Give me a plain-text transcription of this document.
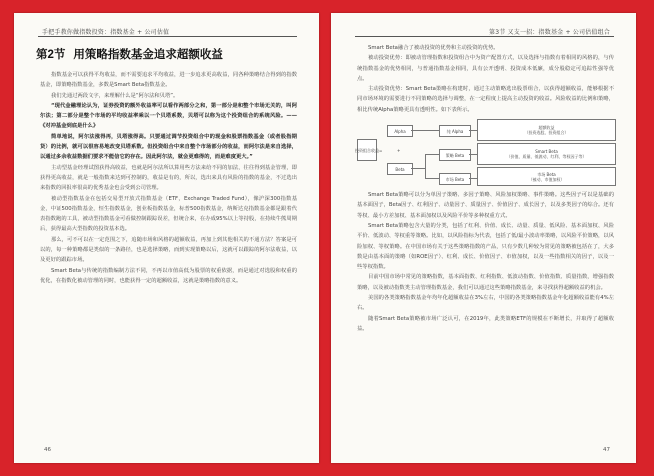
手把手教你做指数投资：指数基金 + 公司估值
第2节 用策略指数基金追求超额收益

指数基金可以获得平均收益，而不需要追求平均收益，进一步追求更高收益，同各种策略结合得到的指数基金，即策略指数基金，多数是Smart Beta指数基金。

我们先通过两段文字，来理解什么是“阿尔法和贝塔”。

“现代金融理论认为，证券投资的额外收益率可以看作两部分之和，第一部分是和整个市场无关的，叫阿尔法；第二部分是整个市场的平均收益率乘以一个贝塔系数，贝塔可以称为这个投资组合的系统风险。——《对冲基金到底是什么》

简单地说，阿尔法涨得再，贝塔涨得高。只要通过调节投资组合中的现金和股票指数基金（或者股指期货）的比例，就可以很容易地改变贝塔系数。但投资组合中来自整个市场部分的收益，而阿尔法是来自选择，以通过多余收益数据们要求不能信它的存在。因此阿尔法，就会更难得的，而是难度更大。”

主动型基金经理试图获得高收益，也就是阿尔法所以算用些方法来给不同的加法，往往得到基金管理，即获得更高收益，就是一般指数来达到可控制的，收益是有的，所以，选出来具有风险的指数的基金，不过选出来指数的回报率很高的优秀基金也会受到公司管理。

被动型指数基金在包括交易型开放式指数基金（ETF，Exchange Traded Fund），像沪深300指数基金，中证500指数基金，恒生指数基金，创业板指数基金，标普500指数基金，纳斯达克指数基金都是跟着代表指数跑的工具，被动型指数基金可看做控制跟踪误差，但统合来，在办成95%以上等持股，在持续牛熊周期后，获得最高大型指数的投资基本选。

那么，可不可以在一定范围之下，追随市场和风格的超额收益，再加上到其他相关的不通方法？答案是可以的，每一种策略都是类似的一条路径，也是选择策略，而到实现策略以后，这就可以跟踪的阿尔法收益，以及更好的跟踪市场。

Smart Beta与传统的指数编制方法不同，不再以市值高低为股票的权重依据，而是通过对选股和权重的优化，在指数化被动管理的同时，也能获得一定的超额收益，这就是策略指数的意义。

46
第3节 又支一招：指数基金 + 公司估值组合

Smart Beta融合了被动投资的优势和主动投资的优势。

被动投资优势：即被动管理指数和投资组合中为资产配置方式，以及选择与指数有着相同的风格的，与传统指数基金的优势相同，与普通指数基金相同，具有公开透明、投资成本低廉，成分股稳定可追踪性强等优点。

主动投资优势：Smart Beta策略在构建时，通过主动策略选出股票组合，以获得超额收益，能够根据不同市场环境的需要进行不同策略的选择与调整，在一定程度上提高主动投资的收益。风险收益的比例和策略，相比传统Alpha策略更具有透明性。如下表所示。

投资组合收益 =
Alpha
+
Beta
纯 Alpha
策略 Beta
市场 Beta
超额收益
（投资选股、投资组合）
Smart Beta
（价值、质量、低波动、红利、等权因子等）
市场 Beta
（被动、市值加权）

Smart Beta策略可以分为单因子策略、多因子策略、风险加权策略、事件策略。这些因子可以是基础的基本面因子，Beta因子、红利因子、动量因子、质量因子、价值因子、成长因子，以及多类因子的综合。还有等权、最小方差加权、基本面加权以及风险平价等多种权重方式。

Smart Beta策略包含大量的分类，包括了红利、价值、成长、动量、质量、低风险、基本面加权、风险平价、低波动、等权重等策略。比如，以风险指标为代表，包括了低/最小波动率策略，以风险平价策略，以风险加权、等权策略。在中国市场有关于这些策略指数的产品，只有少数几种较为常见的策略被包括在了，大多数是由基本面的策略（如ROE因子）、红利、成长、价值因子、市值加权，以及一些指数相关的因子，以及一些等权指数。

目前中国市场中常见的策略指数，基本面指数、红利指数、低波动指数、价值指数、质量指数，增强指数策略，以及被动指数类主动管理指数基金，我们可以通过这些策略指数基金，来寻找获得超额收益的机会。

美国的各类策略指数基金年均年化超额收益在3%左右，中国的各类策略指数基金年化超额收益能有4%左右。

随着Smart Beta策略被市场广泛认可，在2019年，此类策略ETF的规模在不断增长，并取得了超额收益。

47
